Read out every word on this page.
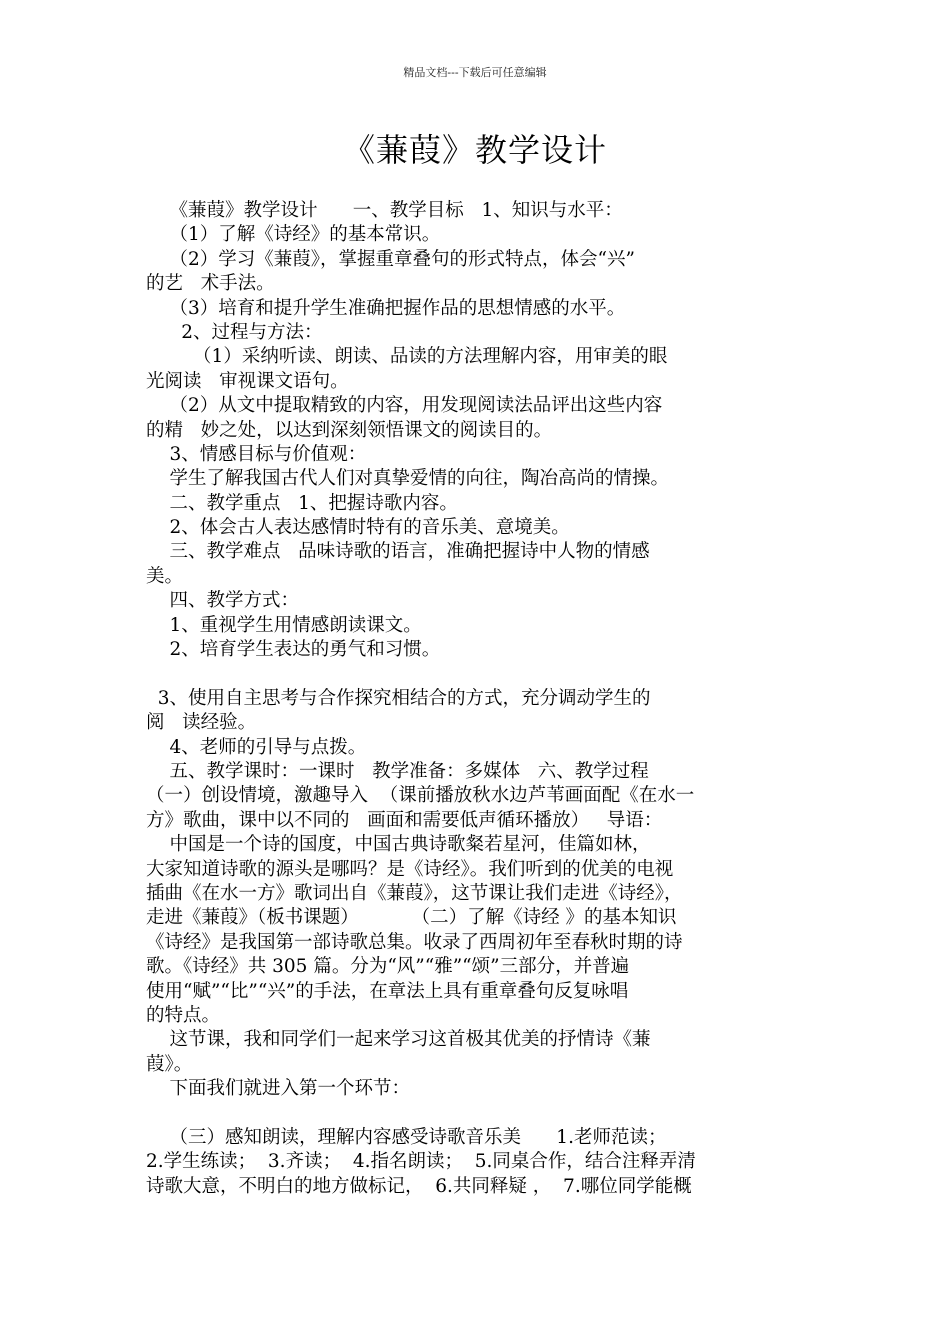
精品文档---下载后可任意编辑
《蒹葭》教学设计
《蒹葭》教学设计      一、教学目标   1、知识与水平：
（1）了解《诗经》的基本常识。
（2）学习《蒹葭》，掌握重章叠句的形式特点，体会“兴”
的艺   术手法。
（3）培育和提升学生准确把握作品的思想情感的水平。
2、过程与方法：
（1）采纳听读、朗读、品读的方法理解内容，用审美的眼
光阅读   审视课文语句。
（2）从文中提取精致的内容，用发现阅读法品评出这些内容
的精   妙之处，以达到深刻领悟课文的阅读目的。
3、情感目标与价值观：
学生了解我国古代人们对真挚爱情的向往，陶冶高尚的情操。
二、教学重点   1、把握诗歌内容。
2、体会古人表达感情时特有的音乐美、意境美。
三、教学难点   品味诗歌的语言，准确把握诗中人物的情感
美。
四、教学方式：
1、重视学生用情感朗读课文。
2、培育学生表达的勇气和习惯。
3、使用自主思考与合作探究相结合的方式，充分调动学生的
阅   读经验。
4、老师的引导与点拨。
五、教学课时：一课时   教学准备：多媒体   六、教学过程
（一）创设情境，激趣导入  （课前播放秋水边芦苇画面配《在水一
方》歌曲，课中以不同的   画面和需要低声循环播放）   导语：
中国是一个诗的国度，中国古典诗歌粲若星河，佳篇如林，
大家知道诗歌的源头是哪吗？是《诗经》。我们听到的优美的电视
插曲《在水一方》歌词出自《蒹葭》，这节课让我们走进《诗经》，
走进《蒹葭》（板书课题）         （二）了解《诗经 》的基本知识
《诗经》是我国第一部诗歌总集。收录了西周初年至春秋时期的诗
歌。《诗经》共 305 篇。分为“风”“雅”“颂”三部分，并普遍
使用“赋”“比”“兴”的手法，在章法上具有重章叠句反复咏唱
的特点。
这节课，我和同学们一起来学习这首极其优美的抒情诗《蒹
葭》。
下面我们就进入第一个环节：
（三）感知朗读，理解内容感受诗歌音乐美      1.老师范读；
2.学生练读；  3.齐读；  4.指名朗读；  5.同桌合作，结合注释弄清
诗歌大意，不明白的地方做标记，  6.共同释疑 ，  7.哪位同学能概
